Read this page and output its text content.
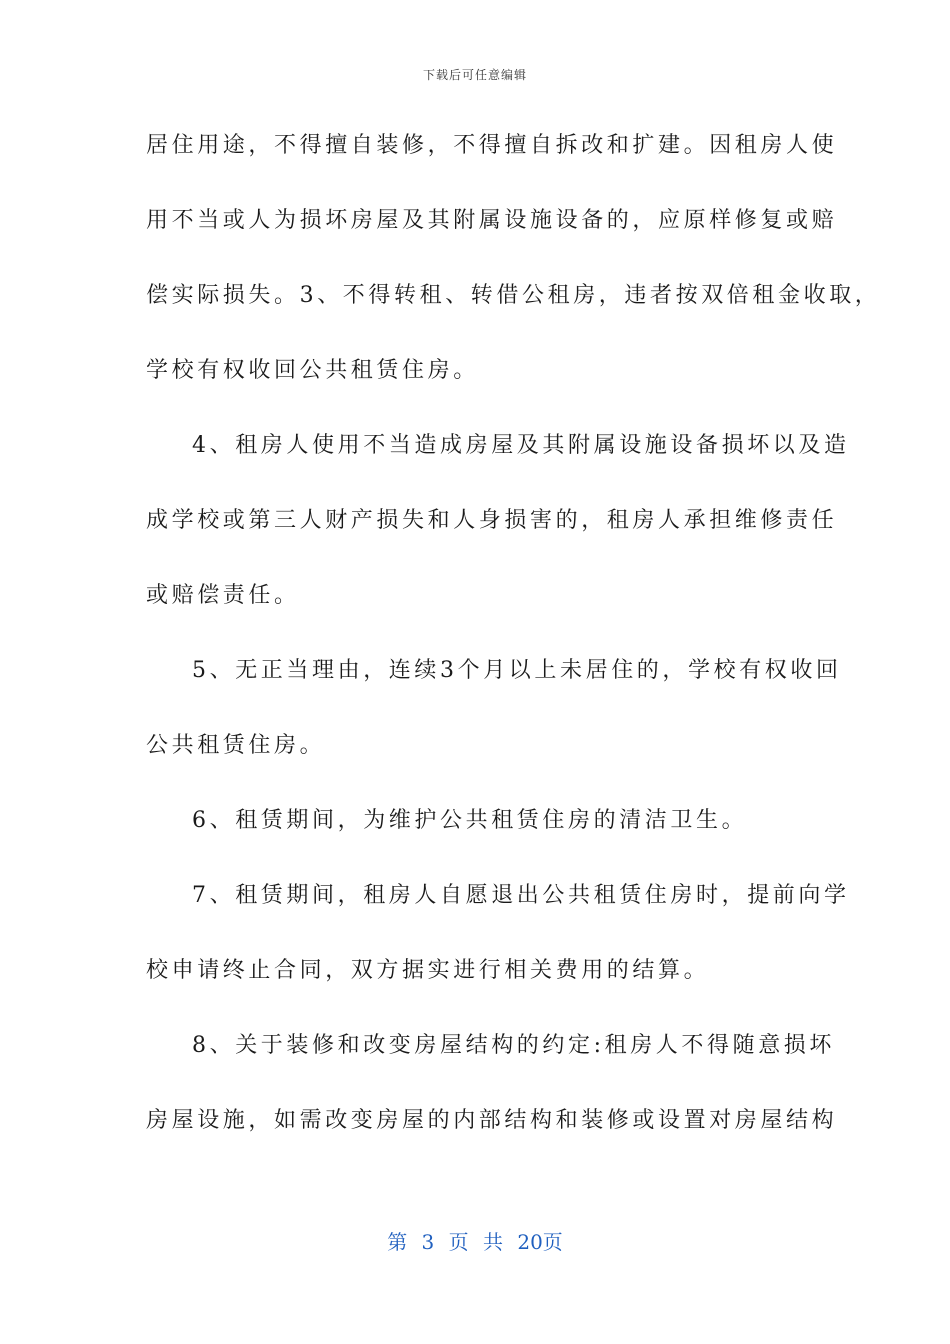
下载后可任意编辑
居住用途，不得擅自装修，不得擅自拆改和扩建。因租房人使
用不当或人为损坏房屋及其附属设施设备的，应原样修复或赔
偿实际损失。3、不得转租、转借公租房，违者按双倍租金收取，
学校有权收回公共租赁住房。
4、租房人使用不当造成房屋及其附属设施设备损坏以及造
成学校或第三人财产损失和人身损害的，租房人承担维修责任
或赔偿责任。
5、无正当理由，连续3个月以上未居住的，学校有权收回
公共租赁住房。
6、租赁期间，为维护公共租赁住房的清洁卫生。
7、租赁期间，租房人自愿退出公共租赁住房时，提前向学
校申请终止合同，双方据实进行相关费用的结算。
8、关于装修和改变房屋结构的约定:租房人不得随意损坏
房屋设施，如需改变房屋的内部结构和装修或设置对房屋结构
第 3 页 共 20页
